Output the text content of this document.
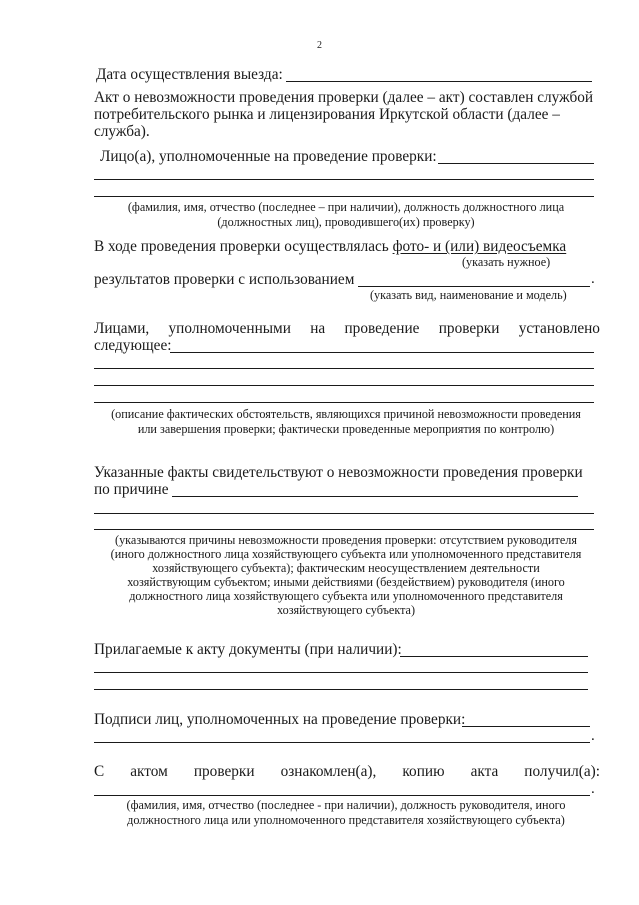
2
Дата осуществления выезда:
Акт о невозможности проведения проверки (далее – акт) составлен службой
потребительского рынка и лицензирования Иркутской области (далее –
служба).
Лицо(а), уполномоченные на проведение проверки:
(фамилия, имя, отчество (последнее – при наличии), должность должностного лица
(должностных лиц), проводившего(их) проверку)
В ходе проведения проверки осуществлялась фото- и (или) видеосъемка
(указать нужное)
результатов проверки с использованием	.
(указать вид, наименование и модель)
Лицами, уполномоченными на проведение проверки установлено
следующее:
(описание фактических обстоятельств, являющихся причиной невозможности проведения
или завершения проверки; фактически проведенные мероприятия по контролю)
Указанные факты свидетельствуют о невозможности проведения проверки
по причине
(указываются причины невозможности проведения проверки: отсутствием руководителя
(иного должностного лица хозяйствующего субъекта или уполномоченного представителя
хозяйствующего субъекта); фактическим неосуществлением деятельности
хозяйствующим субъектом; иными действиями (бездействием) руководителя (иного
должностного лица хозяйствующего субъекта или уполномоченного представителя
хозяйствующего субъекта)
Прилагаемые к акту документы (при наличии):
Подписи лиц, уполномоченных на проведение проверки:
.
С актом проверки ознакомлен(а), копию акта получил(а):
.
(фамилия, имя, отчество (последнее - при наличии), должность руководителя, иного
должностного лица или уполномоченного представителя хозяйствующего субъекта)
